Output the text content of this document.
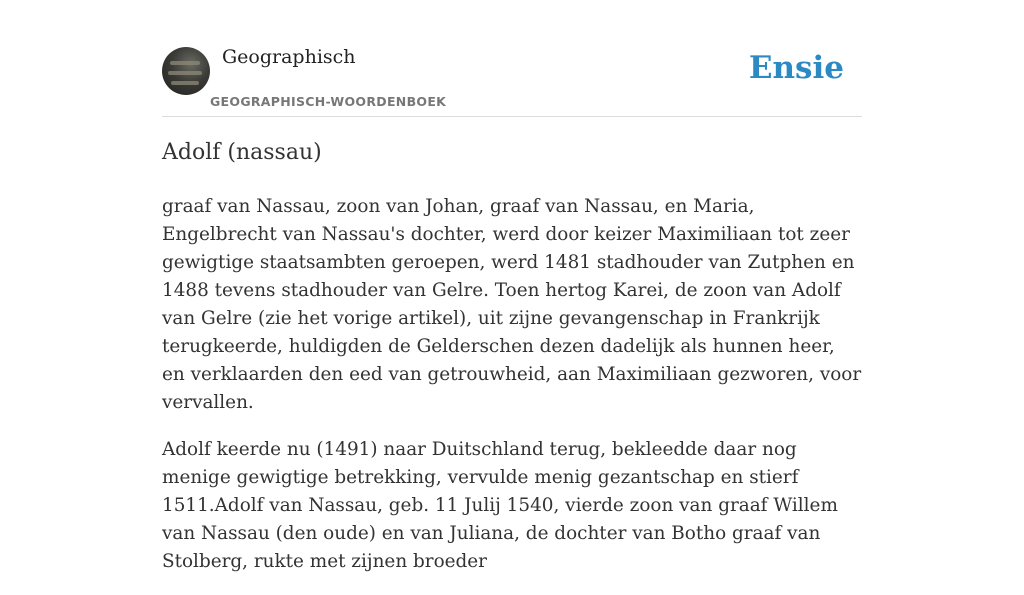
Geographisch
GEOGRAPHISCH-WOORDENBOEK
Ensie
Adolf (nassau)

graaf van Nassau, zoon van Johan, graaf van Nassau, en Maria, Engelbrecht van Nassau's dochter, werd door keizer Maximiliaan tot zeer gewigtige staatsambten geroepen, werd 1481 stadhouder van Zutphen en 1488 tevens stadhouder van Gelre. Toen hertog Karei, de zoon van Adolf van Gelre (zie het vorige artikel), uit zijne gevangenschap in Frankrijk terugkeerde, huldigden de Gelderschen dezen dadelijk als hunnen heer, en verklaarden den eed van getrouwheid, aan Maximiliaan gezworen, voor vervallen.

Adolf keerde nu (1491) naar Duitschland terug, bekleedde daar nog menige gewigtige betrekking, vervulde menig gezantschap en stierf 1511.Adolf van Nassau, geb. 11 Julij 1540, vierde zoon van graaf Willem van Nassau (den oude) en van Juliana, de dochter van Botho graaf van Stolberg, rukte met zijnen broeder
